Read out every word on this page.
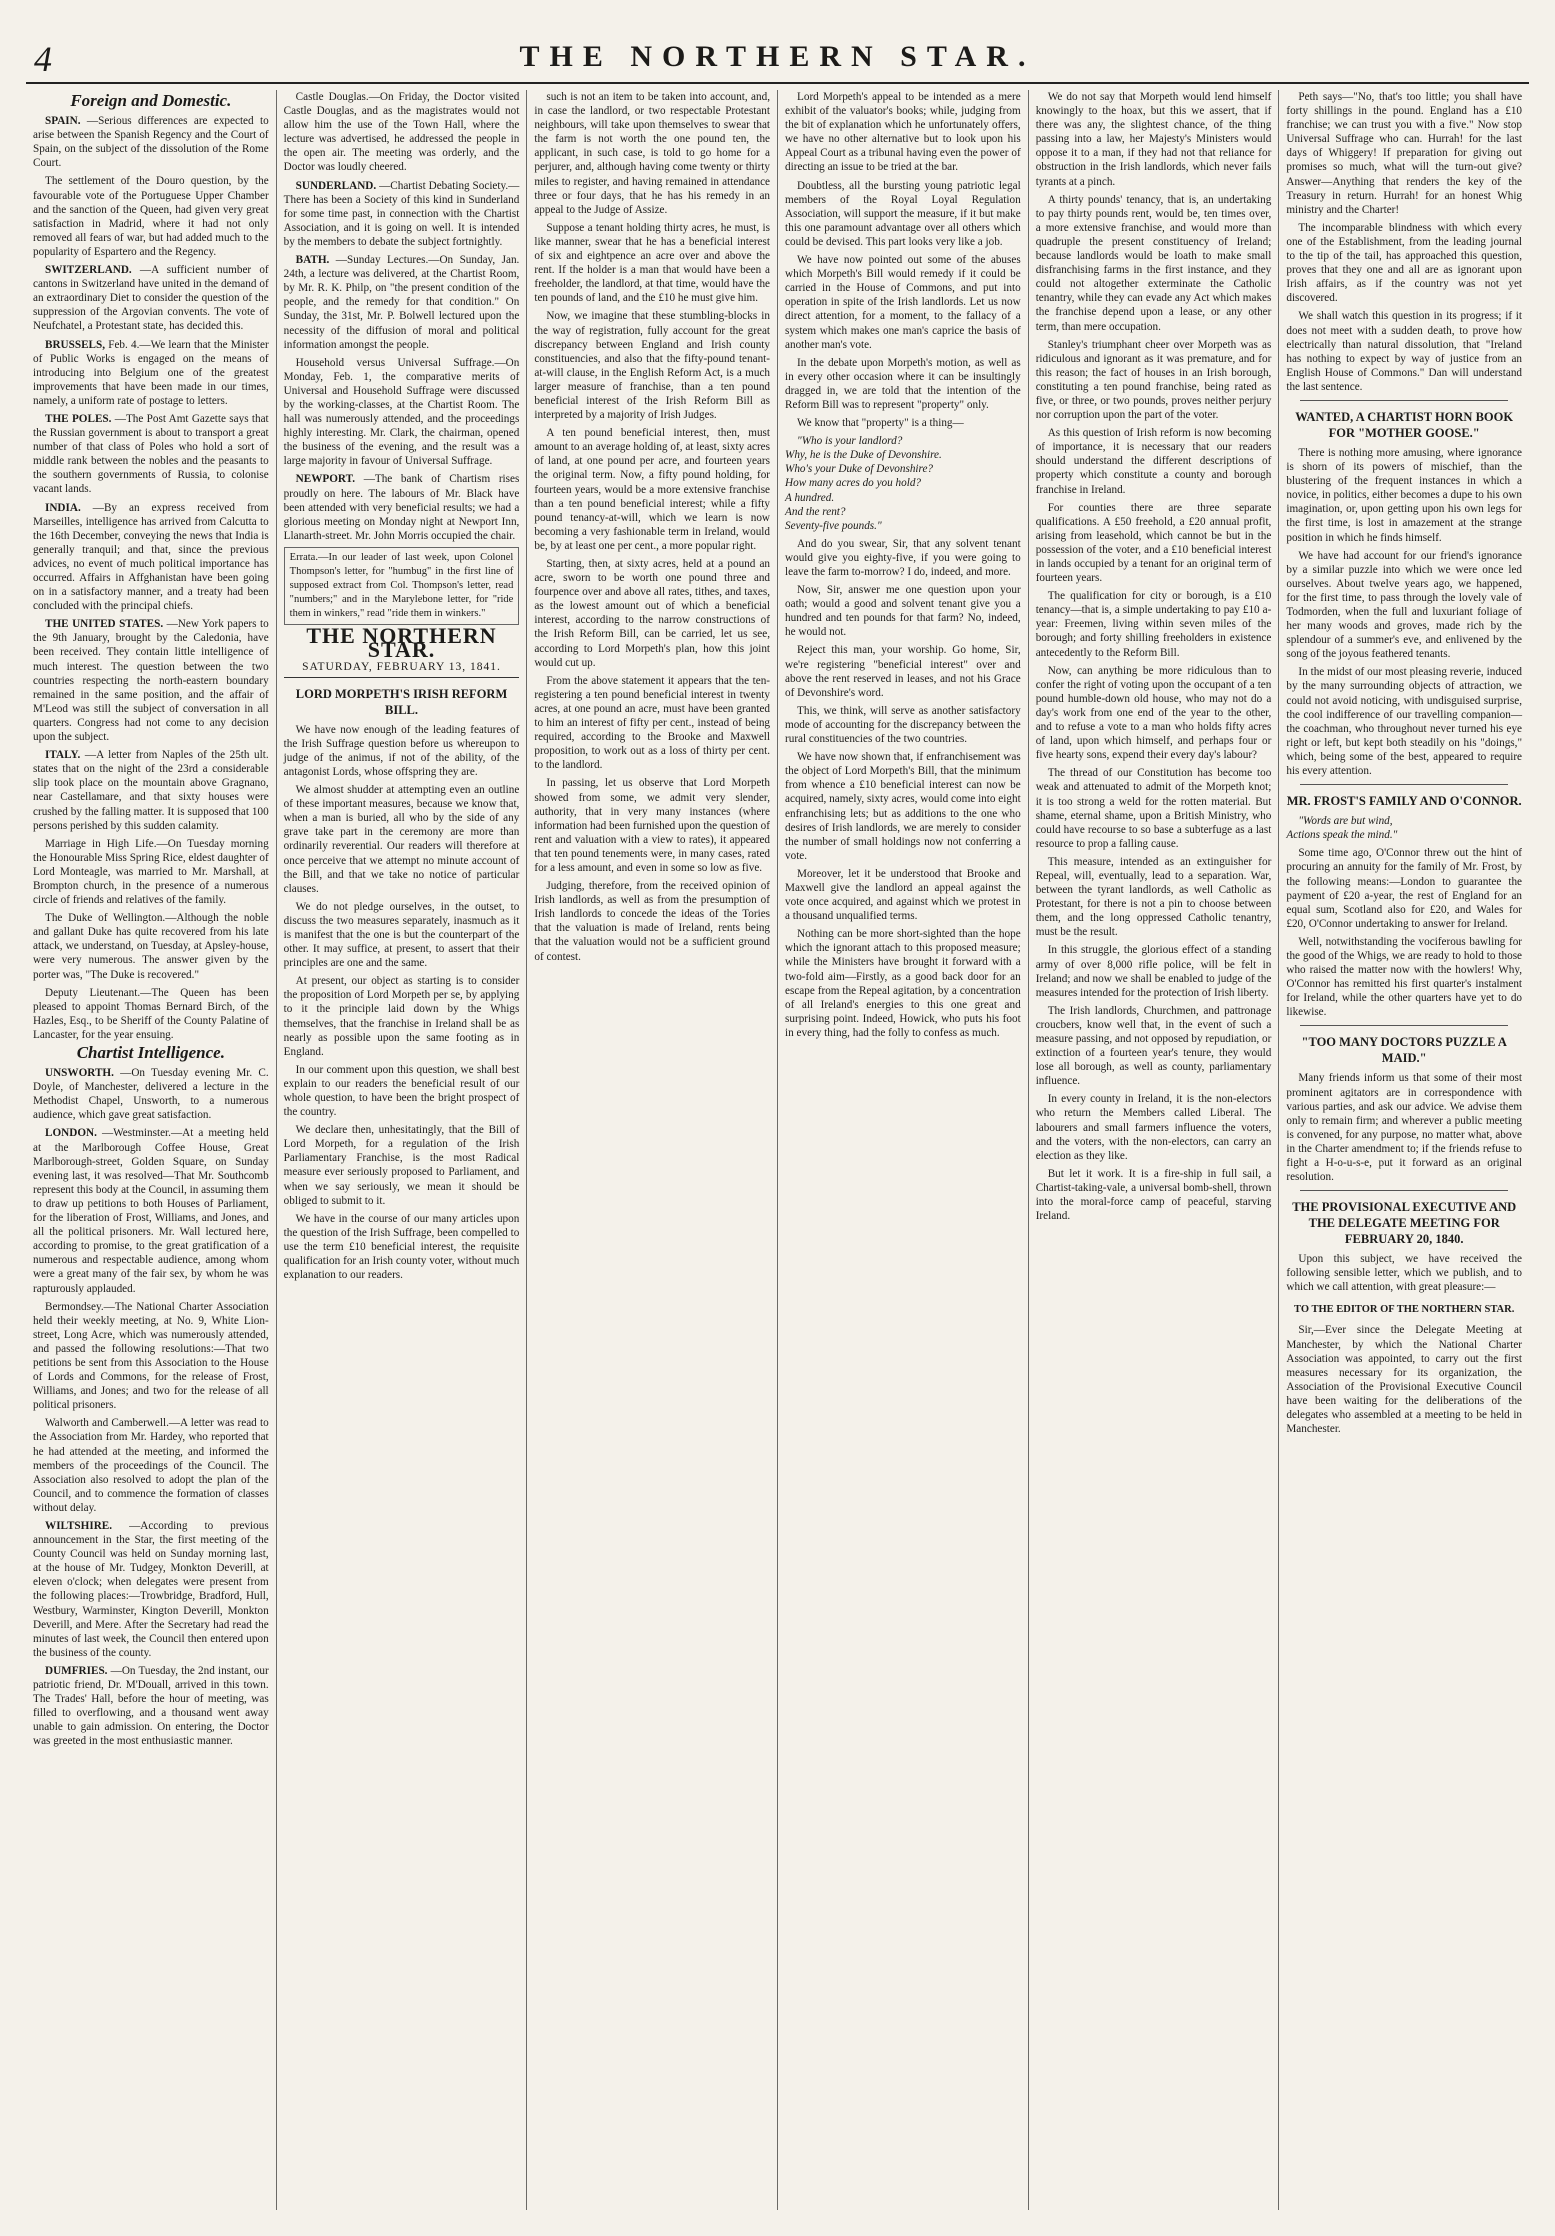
4	THE NORTHERN STAR.
Foreign and Domestic.

SPAIN. —Serious differences are expected to arise between the Spanish Regency and the Court of Spain, on the subject of the dissolution of the Rome Court.

The settlement of the Douro question, by the favourable vote of the Portuguese Upper Chamber and the sanction of the Queen, had given very great satisfaction in Madrid, where it had not only removed all fears of war, but had added much to the popularity of Espartero and the Regency.

SWITZERLAND. —A sufficient number of cantons in Switzerland have united in the demand of an extraordinary Diet to consider the question of the suppression of the Argovian convents. The vote of Neufchatel, a Protestant state, has decided this.

BRUSSELS, Feb. 4.—We learn that the Minister of Public Works is engaged on the means of introducing into Belgium one of the greatest improvements that have been made in our times, namely, a uniform rate of postage to letters.

THE POLES. —The Post Amt Gazette says that the Russian government is about to transport a great number of that class of Poles who hold a sort of middle rank between the nobles and the peasants to the southern governments of Russia, to colonise vacant lands.

INDIA. —By an express received from Marseilles, intelligence has arrived from Calcutta to the 16th December, conveying the news that India is generally tranquil; and that, since the previous advices, no event of much political importance has occurred. Affairs in Affghanistan have been going on in a satisfactory manner, and a treaty had been concluded with the principal chiefs.

THE UNITED STATES. —New York papers to the 9th January, brought by the Caledonia, have been received. They contain little intelligence of much interest. The question between the two countries respecting the north-eastern boundary remained in the same position, and the affair of M'Leod was still the subject of conversation in all quarters. Congress had not come to any decision upon the subject.

ITALY. —A letter from Naples of the 25th ult. states that on the night of the 23rd a considerable slip took place on the mountain above Gragnano, near Castellamare, and that sixty houses were crushed by the falling matter. It is supposed that 100 persons perished by this sudden calamity.

Marriage in High Life.—On Tuesday morning the Honourable Miss Spring Rice, eldest daughter of Lord Monteagle, was married to Mr. Marshall, at Brompton church, in the presence of a numerous circle of friends and relatives of the family.

The Duke of Wellington.—Although the noble and gallant Duke has quite recovered from his late attack, we understand, on Tuesday, at Apsley-house, were very numerous. The answer given by the porter was, "The Duke is recovered."

Deputy Lieutenant.—The Queen has been pleased to appoint Thomas Bernard Birch, of the Hazles, Esq., to be Sheriff of the County Palatine of Lancaster, for the year ensuing.

Chartist Intelligence.

UNSWORTH. —On Tuesday evening Mr. C. Doyle, of Manchester, delivered a lecture in the Methodist Chapel, Unsworth, to a numerous audience, which gave great satisfaction.

LONDON. —Westminster.—At a meeting held at the Marlborough Coffee House, Great Marlborough-street, Golden Square, on Sunday evening last, it was resolved—That Mr. Southcomb represent this body at the Council, in assuming them to draw up petitions to both Houses of Parliament, for the liberation of Frost, Williams, and Jones, and all the political prisoners. Mr. Wall lectured here, according to promise, to the great gratification of a numerous and respectable audience, among whom were a great many of the fair sex, by whom he was rapturously applauded.

Bermondsey.—The National Charter Association held their weekly meeting, at No. 9, White Lion-street, Long Acre, which was numerously attended, and passed the following resolutions:—That two petitions be sent from this Association to the House of Lords and Commons, for the release of Frost, Williams, and Jones; and two for the release of all political prisoners.

Walworth and Camberwell.—A letter was read to the Association from Mr. Hardey, who reported that he had attended at the meeting, and informed the members of the proceedings of the Council. The Association also resolved to adopt the plan of the Council, and to commence the formation of classes without delay.

WILTSHIRE. —According to previous announcement in the Star, the first meeting of the County Council was held on Sunday morning last, at the house of Mr. Tudgey, Monkton Deverill, at eleven o'clock; when delegates were present from the following places:—Trowbridge, Bradford, Hull, Westbury, Warminster, Kington Deverill, Monkton Deverill, and Mere. After the Secretary had read the minutes of last week, the Council then entered upon the business of the county.

DUMFRIES. —On Tuesday, the 2nd instant, our patriotic friend, Dr. M'Douall, arrived in this town. The Trades' Hall, before the hour of meeting, was filled to overflowing, and a thousand went away unable to gain admission. On entering, the Doctor was greeted in the most enthusiastic manner.

Castle Douglas.—On Friday, the Doctor visited Castle Douglas, and as the magistrates would not allow him the use of the Town Hall, where the lecture was advertised, he addressed the people in the open air. The meeting was orderly, and the Doctor was loudly cheered.

SUNDERLAND. —Chartist Debating Society.—There has been a Society of this kind in Sunderland for some time past, in connection with the Chartist Association, and it is going on well. It is intended by the members to debate the subject fortnightly.

BATH. —Sunday Lectures.—On Sunday, Jan. 24th, a lecture was delivered, at the Chartist Room, by Mr. R. K. Philp, on "the present condition of the people, and the remedy for that condition." On Sunday, the 31st, Mr. P. Bolwell lectured upon the necessity of the diffusion of moral and political information amongst the people.

Household versus Universal Suffrage.—On Monday, Feb. 1, the comparative merits of Universal and Household Suffrage were discussed by the working-classes, at the Chartist Room. The hall was numerously attended, and the proceedings highly interesting. Mr. Clark, the chairman, opened the business of the evening, and the result was a large majority in favour of Universal Suffrage.

NEWPORT. —The bank of Chartism rises proudly on here. The labours of Mr. Black have been attended with very beneficial results; we had a glorious meeting on Monday night at Newport Inn, Llanarth-street. Mr. John Morris occupied the chair.

Errata.—In our leader of last week, upon Colonel Thompson's letter, for "humbug" in the first line of supposed extract from Col. Thompson's letter, read "numbers;" and in the Marylebone letter, for "ride them in winkers," read "ride them in winkers."
THE NORTHERN STAR.
SATURDAY, FEBRUARY 13, 1841.
LORD MORPETH'S IRISH REFORM BILL.

We have now enough of the leading features of the Irish Suffrage question before us whereupon to judge of the animus, if not of the ability, of the antagonist Lords, whose offspring they are.

We almost shudder at attempting even an outline of these important measures, because we know that, when a man is buried, all who by the side of any grave take part in the ceremony are more than ordinarily reverential. Our readers will therefore at once perceive that we attempt no minute account of the Bill, and that we take no notice of particular clauses.

We do not pledge ourselves, in the outset, to discuss the two measures separately, inasmuch as it is manifest that the one is but the counterpart of the other. It may suffice, at present, to assert that their principles are one and the same.

At present, our object as starting is to consider the proposition of Lord Morpeth per se, by applying to it the principle laid down by the Whigs themselves, that the franchise in Ireland shall be as nearly as possible upon the same footing as in England.

In our comment upon this question, we shall best explain to our readers the beneficial result of our whole question, to have been the bright prospect of the country.

We declare then, unhesitatingly, that the Bill of Lord Morpeth, for a regulation of the Irish Parliamentary Franchise, is the most Radical measure ever seriously proposed to Parliament, and when we say seriously, we mean it should be obliged to submit to it.

We have in the course of our many articles upon the question of the Irish Suffrage, been compelled to use the term £10 beneficial interest, the requisite qualification for an Irish county voter, without much explanation to our readers.

such is not an item to be taken into account, and, in case the landlord, or two respectable Protestant neighbours, will take upon themselves to swear that the farm is not worth the one pound ten, the applicant, in such case, is told to go home for a perjurer, and, although having come twenty or thirty miles to register, and having remained in attendance three or four days, that he has his remedy in an appeal to the Judge of Assize.

Suppose a tenant holding thirty acres, he must, is like manner, swear that he has a beneficial interest of six and eightpence an acre over and above the rent. If the holder is a man that would have been a freeholder, the landlord, at that time, would have the ten pounds of land, and the £10 he must give him.

Now, we imagine that these stumbling-blocks in the way of registration, fully account for the great discrepancy between England and Irish county constituencies, and also that the fifty-pound tenant-at-will clause, in the English Reform Act, is a much larger measure of franchise, than a ten pound beneficial interest of the Irish Reform Bill as interpreted by a majority of Irish Judges.

A ten pound beneficial interest, then, must amount to an average holding of, at least, sixty acres of land, at one pound per acre, and fourteen years the original term. Now, a fifty pound holding, for fourteen years, would be a more extensive franchise than a ten pound beneficial interest; while a fifty pound tenancy-at-will, which we learn is now becoming a very fashionable term in Ireland, would be, by at least one per cent., a more popular right.

Starting, then, at sixty acres, held at a pound an acre, sworn to be worth one pound three and fourpence over and above all rates, tithes, and taxes, as the lowest amount out of which a beneficial interest, according to the narrow constructions of the Irish Reform Bill, can be carried, let us see, according to Lord Morpeth's plan, how this joint would cut up.

From the above statement it appears that the ten-registering a ten pound beneficial interest in twenty acres, at one pound an acre, must have been granted to him an interest of fifty per cent., instead of being required, according to the Brooke and Maxwell proposition, to work out as a loss of thirty per cent. to the landlord.

In passing, let us observe that Lord Morpeth showed from some, we admit very slender, authority, that in very many instances (where information had been furnished upon the question of rent and valuation with a view to rates), it appeared that ten pound tenements were, in many cases, rated for a less amount, and even in some so low as five.

Judging, therefore, from the received opinion of Irish landlords, as well as from the presumption of Irish landlords to concede the ideas of the Tories that the valuation is made of Ireland, rents being that the valuation would not be a sufficient ground of contest.

Lord Morpeth's appeal to be intended as a mere exhibit of the valuator's books; while, judging from the bit of explanation which he unfortunately offers, we have no other alternative but to look upon his Appeal Court as a tribunal having even the power of directing an issue to be tried at the bar.

Doubtless, all the bursting young patriotic legal members of the Royal Loyal Regulation Association, will support the measure, if it but make this one paramount advantage over all others which could be devised. This part looks very like a job.

We have now pointed out some of the abuses which Morpeth's Bill would remedy if it could be carried in the House of Commons, and put into operation in spite of the Irish landlords. Let us now direct attention, for a moment, to the fallacy of a system which makes one man's caprice the basis of another man's vote.

In the debate upon Morpeth's motion, as well as in every other occasion where it can be insultingly dragged in, we are told that the intention of the Reform Bill was to represent "property" only.

We know that "property" is a thing—

"Who is your landlord?
Why, he is the Duke of Devonshire.
Who's your Duke of Devonshire?
How many acres do you hold?
A hundred.
And the rent?
Seventy-five pounds."

And do you swear, Sir, that any solvent tenant would give you eighty-five, if you were going to leave the farm to-morrow? I do, indeed, and more.

Now, Sir, answer me one question upon your oath; would a good and solvent tenant give you a hundred and ten pounds for that farm? No, indeed, he would not.

Reject this man, your worship. Go home, Sir, we're registering "beneficial interest" over and above the rent reserved in leases, and not his Grace of Devonshire's word.

This, we think, will serve as another satisfactory mode of accounting for the discrepancy between the rural constituencies of the two countries.

We have now shown that, if enfranchisement was the object of Lord Morpeth's Bill, that the minimum from whence a £10 beneficial interest can now be acquired, namely, sixty acres, would come into eight enfranchising lets; but as additions to the one who desires of Irish landlords, we are merely to consider the number of small holdings now not conferring a vote.

Moreover, let it be understood that Brooke and Maxwell give the landlord an appeal against the vote once acquired, and against which we protest in a thousand unqualified terms.

Nothing can be more short-sighted than the hope which the ignorant attach to this proposed measure; while the Ministers have brought it forward with a two-fold aim—Firstly, as a good back door for an escape from the Repeal agitation, by a concentration of all Ireland's energies to this one great and surprising point. Indeed, Howick, who puts his foot in every thing, had the folly to confess as much.

We do not say that Morpeth would lend himself knowingly to the hoax, but this we assert, that if there was any, the slightest chance, of the thing passing into a law, her Majesty's Ministers would oppose it to a man, if they had not that reliance for obstruction in the Irish landlords, which never fails tyrants at a pinch.

A thirty pounds' tenancy, that is, an undertaking to pay thirty pounds rent, would be, ten times over, a more extensive franchise, and would more than quadruple the present constituency of Ireland; because landlords would be loath to make small disfranchising farms in the first instance, and they could not altogether exterminate the Catholic tenantry, while they can evade any Act which makes the franchise depend upon a lease, or any other term, than mere occupation.

Stanley's triumphant cheer over Morpeth was as ridiculous and ignorant as it was premature, and for this reason; the fact of houses in an Irish borough, constituting a ten pound franchise, being rated as five, or three, or two pounds, proves neither perjury nor corruption upon the part of the voter.

As this question of Irish reform is now becoming of importance, it is necessary that our readers should understand the different descriptions of property which constitute a county and borough franchise in Ireland.

For counties there are three separate qualifications. A £50 freehold, a £20 annual profit, arising from leasehold, which cannot be but in the possession of the voter, and a £10 beneficial interest in lands occupied by a tenant for an original term of fourteen years.

The qualification for city or borough, is a £10 tenancy—that is, a simple undertaking to pay £10 a-year: Freemen, living within seven miles of the borough; and forty shilling freeholders in existence antecedently to the Reform Bill.

Now, can anything be more ridiculous than to confer the right of voting upon the occupant of a ten pound humble-down old house, who may not do a day's work from one end of the year to the other, and to refuse a vote to a man who holds fifty acres of land, upon which himself, and perhaps four or five hearty sons, expend their every day's labour?

The thread of our Constitution has become too weak and attenuated to admit of the Morpeth knot; it is too strong a weld for the rotten material. But shame, eternal shame, upon a British Ministry, who could have recourse to so base a subterfuge as a last resource to prop a falling cause.

This measure, intended as an extinguisher for Repeal, will, eventually, lead to a separation. War, between the tyrant landlords, as well Catholic as Protestant, for there is not a pin to choose between them, and the long oppressed Catholic tenantry, must be the result.

In this struggle, the glorious effect of a standing army of over 8,000 rifle police, will be felt in Ireland; and now we shall be enabled to judge of the measures intended for the protection of Irish liberty.

The Irish landlords, Churchmen, and pattronage croucbers, know well that, in the event of such a measure passing, and not opposed by repudiation, or extinction of a fourteen year's tenure, they would lose all borough, as well as county, parliamentary influence.

In every county in Ireland, it is the non-electors who return the Members called Liberal. The labourers and small farmers influence the voters, and the voters, with the non-electors, can carry an election as they like.

But let it work. It is a fire-ship in full sail, a Chartist-taking-vale, a universal bomb-shell, thrown into the moral-force camp of peaceful, starving Ireland.

Peth says—"No, that's too little; you shall have forty shillings in the pound. England has a £10 franchise; we can trust you with a five." Now stop Universal Suffrage who can. Hurrah! for the last days of Whiggery! If preparation for giving out promises so much, what will the turn-out give? Answer—Anything that renders the key of the Treasury in return. Hurrah! for an honest Whig ministry and the Charter!

The incomparable blindness with which every one of the Establishment, from the leading journal to the tip of the tail, has approached this question, proves that they one and all are as ignorant upon Irish affairs, as if the country was not yet discovered.

We shall watch this question in its progress; if it does not meet with a sudden death, to prove how electrically than natural dissolution, that "Ireland has nothing to expect by way of justice from an English House of Commons." Dan will understand the last sentence.

WANTED, A CHARTIST HORN BOOK FOR "MOTHER GOOSE."

There is nothing more amusing, where ignorance is shorn of its powers of mischief, than the blustering of the frequent instances in which a novice, in politics, either becomes a dupe to his own imagination, or, upon getting upon his own legs for the first time, is lost in amazement at the strange position in which he finds himself.

We have had account for our friend's ignorance by a similar puzzle into which we were once led ourselves. About twelve years ago, we happened, for the first time, to pass through the lovely vale of Todmorden, when the full and luxuriant foliage of her many woods and groves, made rich by the splendour of a summer's eve, and enlivened by the song of the joyous feathered tenants.

In the midst of our most pleasing reverie, induced by the many surrounding objects of attraction, we could not avoid noticing, with undisguised surprise, the cool indifference of our travelling companion—the coachman, who throughout never turned his eye right or left, but kept both steadily on his "doings," which, being some of the best, appeared to require his every attention.

MR. FROST'S FAMILY AND O'CONNOR.

"Words are but wind,
Actions speak the mind."

Some time ago, O'Connor threw out the hint of procuring an annuity for the family of Mr. Frost, by the following means:—London to guarantee the payment of £20 a-year, the rest of England for an equal sum, Scotland also for £20, and Wales for £20, O'Connor undertaking to answer for Ireland.

Well, notwithstanding the vociferous bawling for the good of the Whigs, we are ready to hold to those who raised the matter now with the howlers! Why, O'Connor has remitted his first quarter's instalment for Ireland, while the other quarters have yet to do likewise.

"TOO MANY DOCTORS PUZZLE A MAID."

Many friends inform us that some of their most prominent agitators are in correspondence with various parties, and ask our advice. We advise them only to remain firm; and wherever a public meeting is convened, for any purpose, no matter what, above in the Charter amendment to; if the friends refuse to fight a H-o-u-s-e, put it forward as an original resolution.

THE PROVISIONAL EXECUTIVE AND THE DELEGATE MEETING FOR FEBRUARY 20, 1840.

Upon this subject, we have received the following sensible letter, which we publish, and to which we call attention, with great pleasure:—

TO THE EDITOR OF THE NORTHERN STAR.

Sir,—Ever since the Delegate Meeting at Manchester, by which the National Charter Association was appointed, to carry out the first measures necessary for its organization, the Association of the Provisional Executive Council have been waiting for the deliberations of the delegates who assembled at a meeting to be held in Manchester.
